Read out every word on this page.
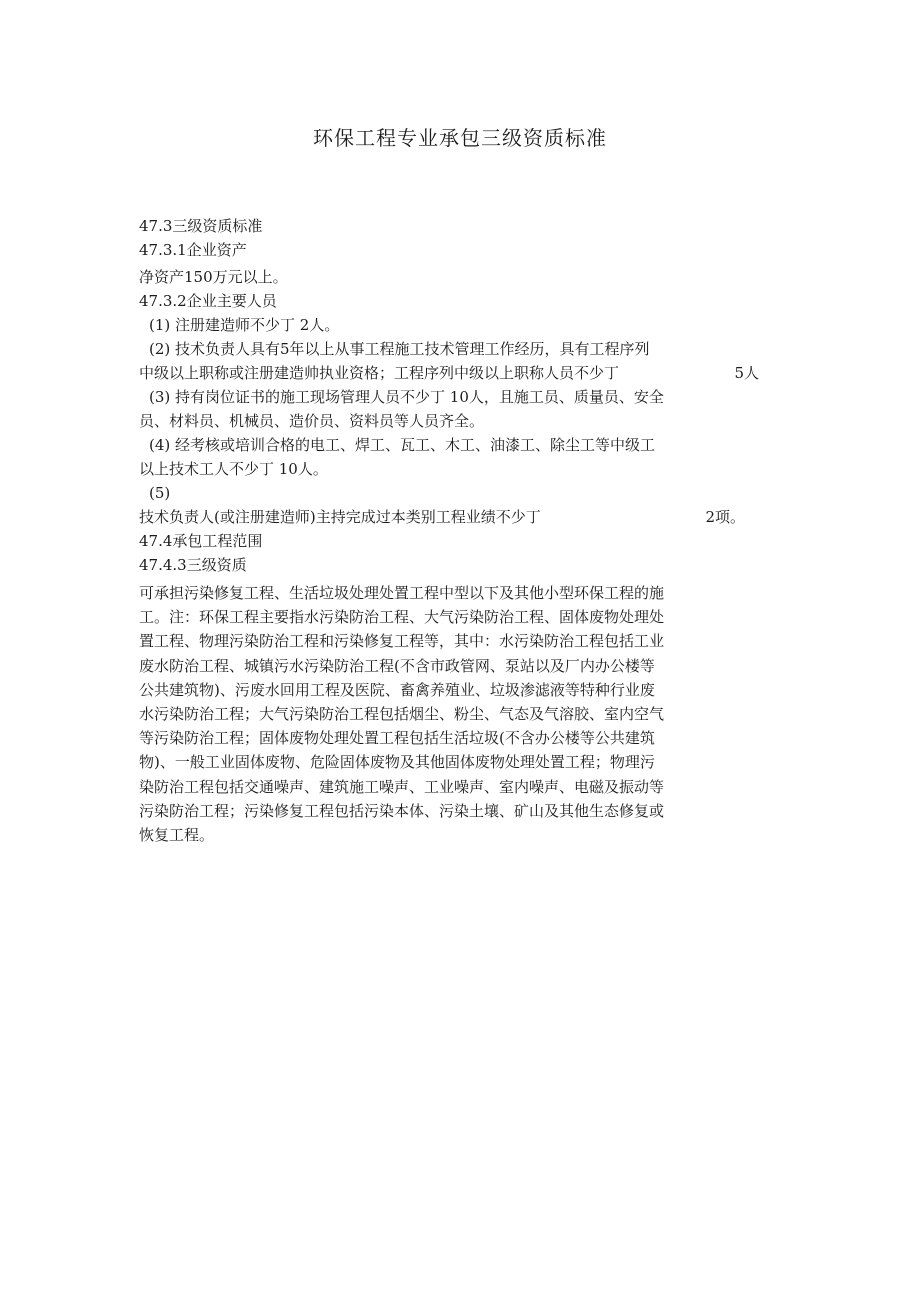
环保工程专业承包三级资质标准
47.3三级资质标准
47.3.1企业资产
净资产150万元以上。
47.3.2企业主要人员
(1) 注册建造师不少丁 2人。
(2) 技术负责人具有5年以上从事工程施工技术管理工作经历，具有工程序列
中级以上职称或注册建造帅执业资格；工程序列中级以上职称人员不少丁	5人
(3) 持有岗位证书的施工现场管理人员不少丁 10人，且施工员、质量员、安全
员、材料员、机械员、造价员、资料员等人员齐全。
(4) 经考核或培训合格的电工、焊工、瓦工、木工、油漆工、除尘工等中级工
以上技术工人不少丁 10人。
(5)
技术负责人(或注册建造师)主持完成过本类别工程业绩不少丁	2项。
47.4承包工程范围
47.4.3三级资质
可承担污染修复工程、生活垃圾处理处置工程中型以下及其他小型环保工程的施
工。注：环保工程主要指水污染防治工程、大气污染防治工程、固体废物处理处
置工程、物理污染防治工程和污染修复工程等，其中：水污染防治工程包括工业
废水防治工程、城镇污水污染防治工程(不含市政管网、泵站以及厂内办公楼等
公共建筑物)、污废水回用工程及医院、畜禽养殖业、垃圾渗滤液等特种行业废
水污染防治工程；大气污染防治工程包括烟尘、粉尘、气态及气溶胶、室内空气
等污染防治工程；固体废物处理处置工程包括生活垃圾(不含办公楼等公共建筑
物)、一般工业固体废物、危险固体废物及其他固体废物处理处置工程；物理污
染防治工程包括交通噪声、建筑施工噪声、工业噪声、室内噪声、电磁及振动等
污染防治工程；污染修复工程包括污染本体、污染土壤、矿山及其他生态修复或
恢复工程。
